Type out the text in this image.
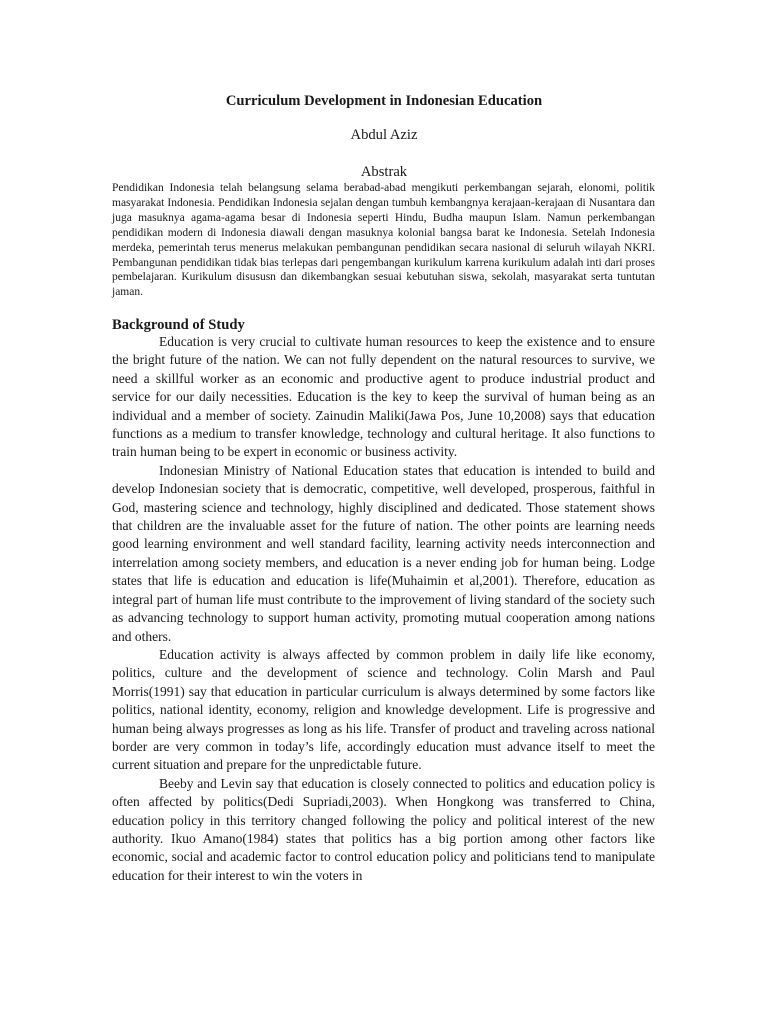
Curriculum Development in Indonesian Education
Abdul Aziz
Abstrak

Pendidikan Indonesia telah belangsung selama berabad-abad mengikuti perkembangan sejarah, elonomi, politik masyarakat Indonesia. Pendidikan Indonesia sejalan dengan tumbuh kembangnya kerajaan-kerajaan di Nusantara dan juga masuknya agama-agama besar di Indonesia seperti Hindu, Budha maupun Islam. Namun perkembangan pendidikan modern di Indonesia diawali dengan masuknya kolonial bangsa barat ke Indonesia. Setelah Indonesia merdeka, pemerintah terus menerus melakukan pembangunan pendidikan secara nasional di seluruh wilayah NKRI. Pembangunan pendidikan tidak bias terlepas dari pengembangan kurikulum karrena kurikulum adalah inti dari proses pembelajaran. Kurikulum disususn dan dikembangkan sesuai kebutuhan siswa, sekolah, masyarakat serta tuntutan jaman.

Background of Study

Education is very crucial to cultivate human resources to keep the existence and to ensure the bright future of the nation. We can not fully dependent on the natural resources to survive, we need a skillful worker as an economic and productive agent to produce industrial product and service for our daily necessities. Education is the key to keep the survival of human being as an individual and a member of society. Zainudin Maliki(Jawa Pos, June 10,2008) says that education functions as a medium to transfer knowledge, technology and cultural heritage. It also functions to train human being to be expert in economic or business activity.

Indonesian Ministry of National Education states that education is intended to build and develop Indonesian society that is democratic, competitive, well developed, prosperous, faithful in God, mastering science and technology, highly disciplined and dedicated. Those statement shows that children are the invaluable asset for the future of nation. The other points are learning needs good learning environment and well standard facility, learning activity needs interconnection and interrelation among society members, and education is a never ending job for human being. Lodge states that life is education and education is life(Muhaimin et al,2001). Therefore, education as integral part of human life must contribute to the improvement of living standard of the society such as advancing technology to support human activity, promoting mutual cooperation among nations and others.

Education activity is always affected by common problem in daily life like economy, politics, culture and the development of science and technology. Colin Marsh and Paul Morris(1991) say that education in particular curriculum is always determined by some factors like politics, national identity, economy, religion and knowledge development. Life is progressive and human being always progresses as long as his life. Transfer of product and traveling across national border are very common in today’s life, accordingly education must advance itself to meet the current situation and prepare for the unpredictable future.

Beeby and Levin say that education is closely connected to politics and education policy is often affected by politics(Dedi Supriadi,2003). When Hongkong was transferred to China, education policy in this territory changed following the policy and political interest of the new authority. Ikuo Amano(1984) states that politics has a big portion among other factors like economic, social and academic factor to control education policy and politicians tend to manipulate education for their interest to win the voters in
